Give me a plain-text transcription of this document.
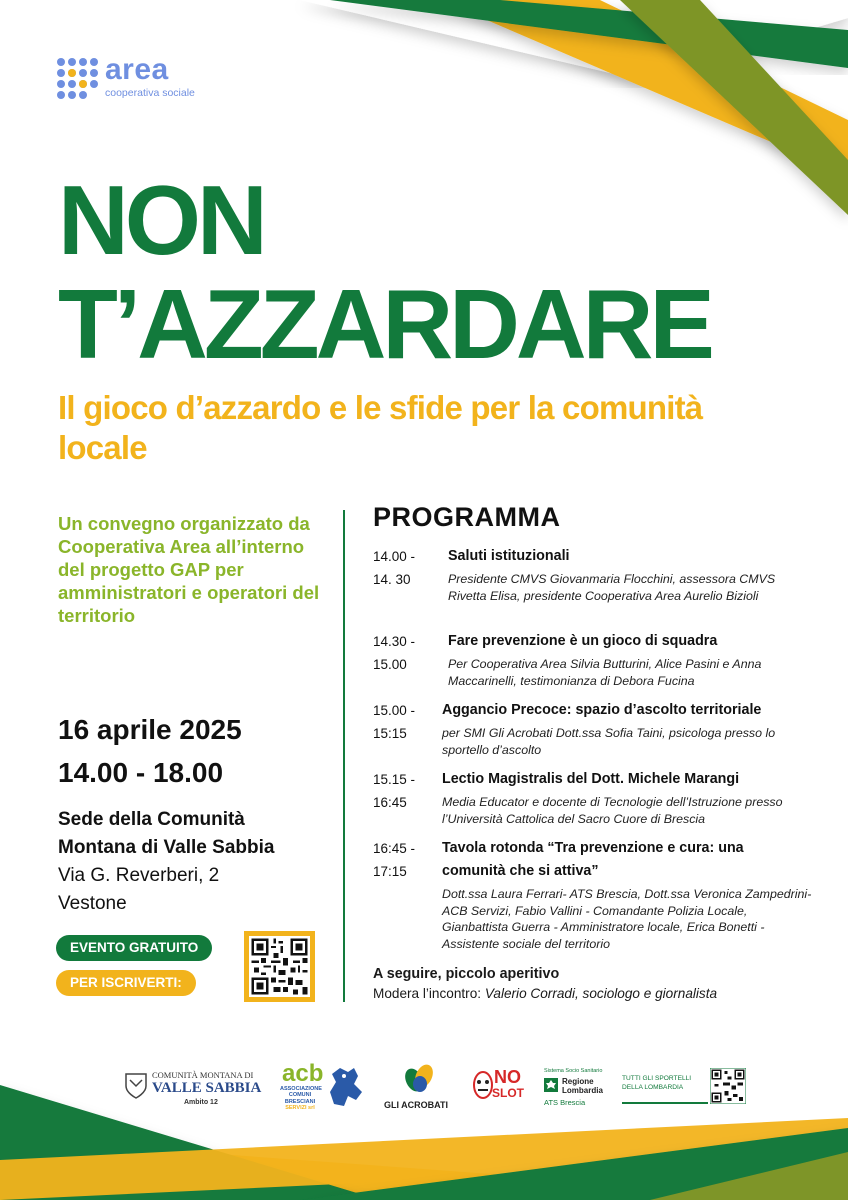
area
cooperativa sociale
NON
T’AZZARDARE
Il gioco d’azzardo e le sfide per la comunità locale
Un convegno organizzato da Cooperativa Area all’interno del progetto GAP per amministratori e operatori del territorio
16 aprile 2025
14.00 - 18.00
Sede della Comunità
Montana di Valle Sabbia
Via G. Reverberi, 2
Vestone
EVENTO GRATUITO
PER ISCRIVERTI:
PROGRAMMA
14.00 -
14. 30
Saluti istituzionali
Presidente CMVS Giovanmaria Flocchini, assessora CMVS Rivetta Elisa, presidente Cooperativa Area Aurelio Bizioli
14.30 -
15.00
Fare prevenzione è un gioco di squadra
Per Cooperativa Area Silvia Butturini, Alice Pasini e Anna Maccarinelli, testimonianza di Debora Fucina
15.00 -
15:15
Aggancio Precoce: spazio d’ascolto territoriale
per SMI Gli Acrobati Dott.ssa Sofia Taini, psicologa presso lo sportello d’ascolto
15.15 -
16:45
Lectio Magistralis del Dott. Michele Marangi
Media Educator e docente di Tecnologie dell’Istruzione presso l’Università Cattolica del Sacro Cuore di Brescia
16:45 -
17:15
Tavola rotonda “Tra prevenzione e cura: una
comunità che si attiva”
Dott.ssa Laura Ferrari- ATS Brescia, Dott.ssa Veronica Zampedrini- ACB Servizi, Fabio Vallini - Comandante Polizia Locale, Gianbattista Guerra - Amministratore locale, Erica Bonetti - Assistente sociale del territorio
A seguire, piccolo aperitivo
Modera l’incontro: Valerio Corradi, sociologo e giornalista
COMUNITÀ MONTANA DI
VALLE SABBIA
Ambito 12
acb
ASSOCIAZIONE
COMUNI
BRESCIANI
SERVIZI srl	GLI ACROBATI
NO
SLOT
Sistema Socio Sanitario
Regione
Lombardia
ATS Brescia
TUTTI GLI SPORTELLI
DELLA LOMBARDIA
